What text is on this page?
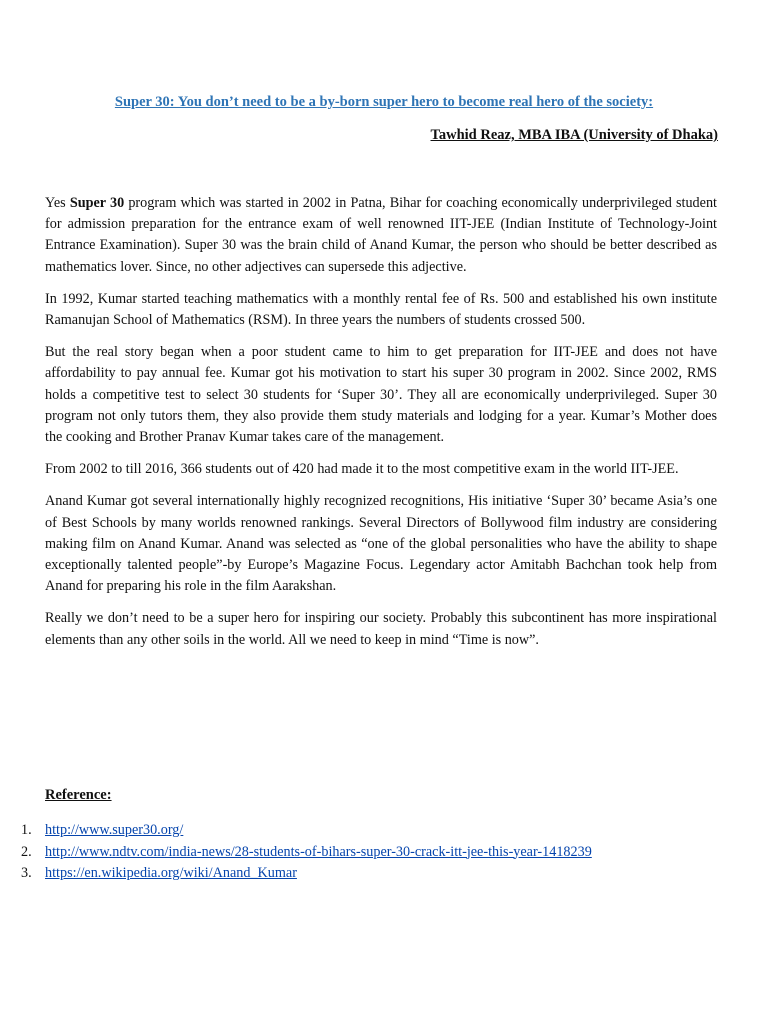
Super 30: You don’t need to be a by-born super hero to become real hero of the society:

Tawhid Reaz, MBA IBA (University of Dhaka)

Yes Super 30 program which was started in 2002 in Patna, Bihar for coaching economically underprivileged student for admission preparation for the entrance exam of well renowned IIT-JEE (Indian Institute of Technology-Joint Entrance Examination). Super 30 was the brain child of Anand Kumar, the person who should be better described as mathematics lover. Since, no other adjectives can supersede this adjective.

In 1992, Kumar started teaching mathematics with a monthly rental fee of Rs. 500 and established his own institute Ramanujan School of Mathematics (RSM). In three years the numbers of students crossed 500.

But the real story began when a poor student came to him to get preparation for IIT-JEE and does not have affordability to pay annual fee. Kumar got his motivation to start his super 30 program in 2002. Since 2002, RMS holds a competitive test to select 30 students for ‘Super 30’. They all are economically underprivileged. Super 30 program not only tutors them, they also provide them study materials and lodging for a year. Kumar’s Mother does the cooking and Brother Pranav Kumar takes care of the management.

From 2002 to till 2016, 366 students out of 420 had made it to the most competitive exam in the world IIT-JEE.

Anand Kumar got several internationally highly recognized recognitions, His initiative ‘Super 30’ became Asia’s one of Best Schools by many worlds renowned rankings. Several Directors of Bollywood film industry are considering making film on Anand Kumar. Anand was selected as “one of the global personalities who have the ability to shape exceptionally talented people”-by Europe’s Magazine Focus. Legendary actor Amitabh Bachchan took help from Anand for preparing his role in the film Aarakshan.

Really we don’t need to be a super hero for inspiring our society. Probably this subcontinent has more inspirational elements than any other soils in the world. All we need to keep in mind “Time is now”.

Reference:

1. http://www.super30.org/
2. http://www.ndtv.com/india-news/28-students-of-bihars-super-30-crack-itt-jee-this-year-1418239
3. https://en.wikipedia.org/wiki/Anand_Kumar
